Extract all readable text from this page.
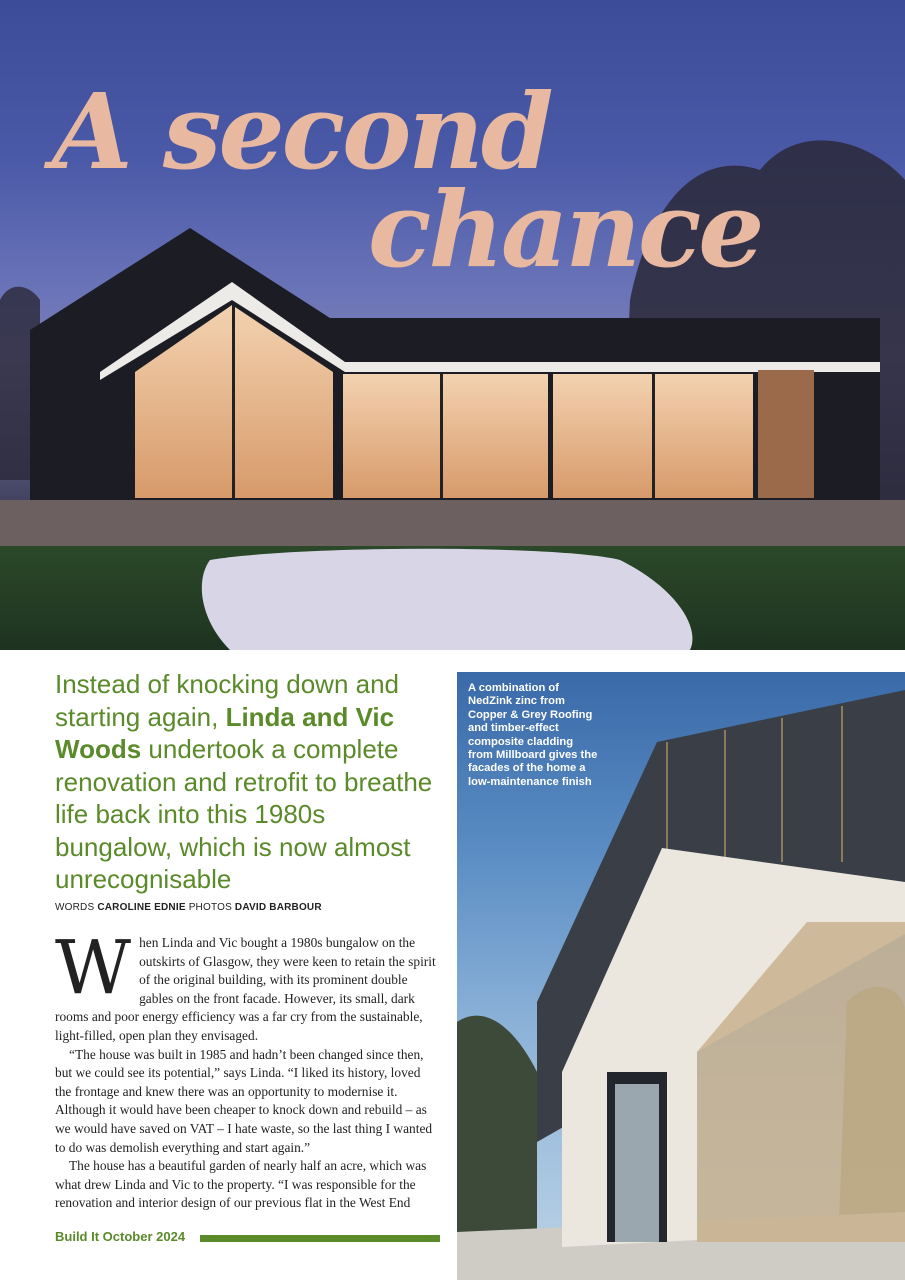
A second
chance

Instead of knocking down and starting again, Linda and Vic Woods undertook a complete renovation and retrofit to breathe life back into this 1980s bungalow, which is now almost unrecognisable

WORDS CAROLINE EDNIE PHOTOS DAVID BARBOUR

When Linda and Vic bought a 1980s bungalow on the outskirts of Glasgow, they were keen to retain the spirit of the original building, with its prominent double gables on the front facade. However, its small, dark rooms and poor energy efficiency was a far cry from the sustainable, light-filled, open plan they envisaged.

“The house was built in 1985 and hadn’t been changed since then, but we could see its potential,” says Linda. “I liked its history, loved the frontage and knew there was an opportunity to modernise it. Although it would have been cheaper to knock down and rebuild – as we would have saved on VAT – I hate waste, so the last thing I wanted to do was demolish everything and start again.”

The house has a beautiful garden of nearly half an acre, which was what drew Linda and Vic to the property. “I was responsible for the renovation and interior design of our previous flat in the West End

Build It October 2024

A combination of NedZink zinc from Copper & Grey Roofing and timber-effect composite cladding from Millboard gives the facades of the home a low-maintenance finish
